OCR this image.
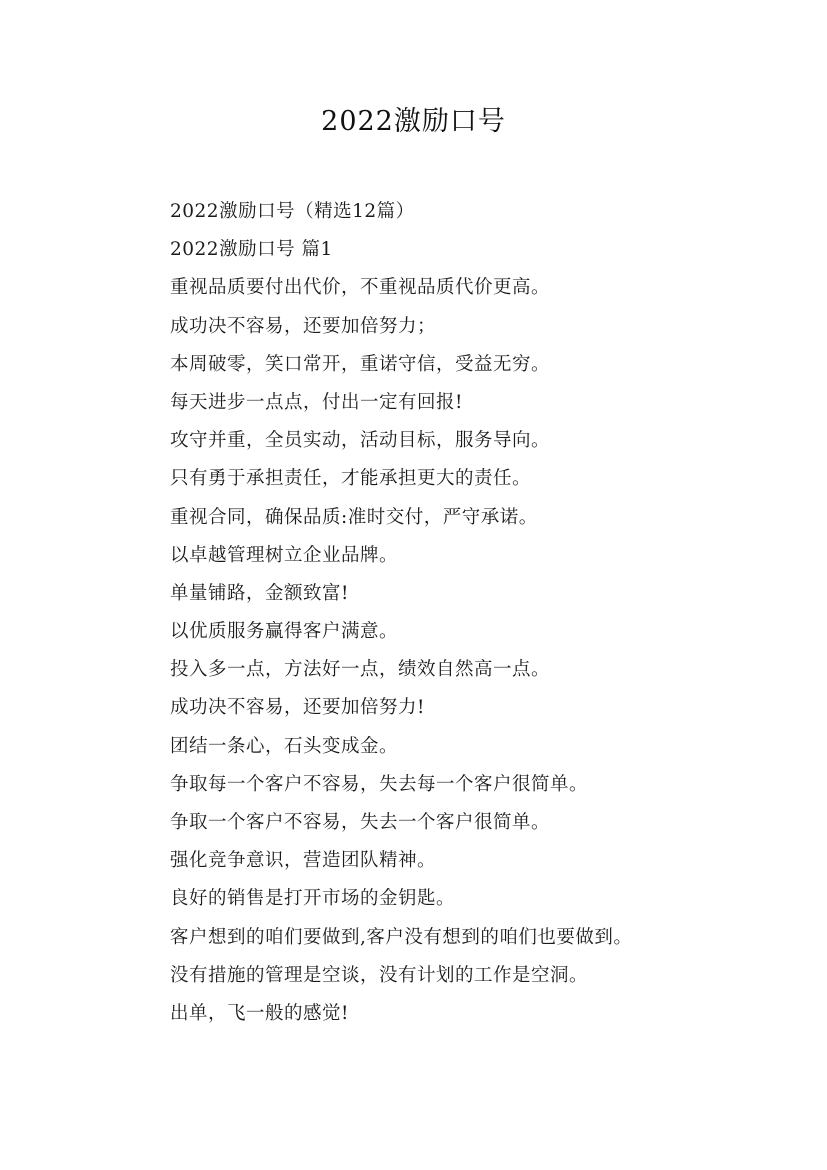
2022激励口号
2022激励口号（精选12篇）
2022激励口号 篇1
重视品质要付出代价，不重视品质代价更高。
成功决不容易，还要加倍努力；
本周破零，笑口常开，重诺守信，受益无穷。
每天进步一点点，付出一定有回报!
攻守并重，全员实动，活动目标，服务导向。
只有勇于承担责任，才能承担更大的责任。
重视合同，确保品质:准时交付，严守承诺。
以卓越管理树立企业品牌。
单量铺路，金额致富!
以优质服务赢得客户满意。
投入多一点，方法好一点，绩效自然高一点。
成功决不容易，还要加倍努力!
团结一条心，石头变成金。
争取每一个客户不容易，失去每一个客户很简单。
争取一个客户不容易，失去一个客户很简单。
强化竞争意识，营造团队精神。
良好的销售是打开市场的金钥匙。
客户想到的咱们要做到,客户没有想到的咱们也要做到。
没有措施的管理是空谈，没有计划的工作是空洞。
出单，飞一般的感觉!
